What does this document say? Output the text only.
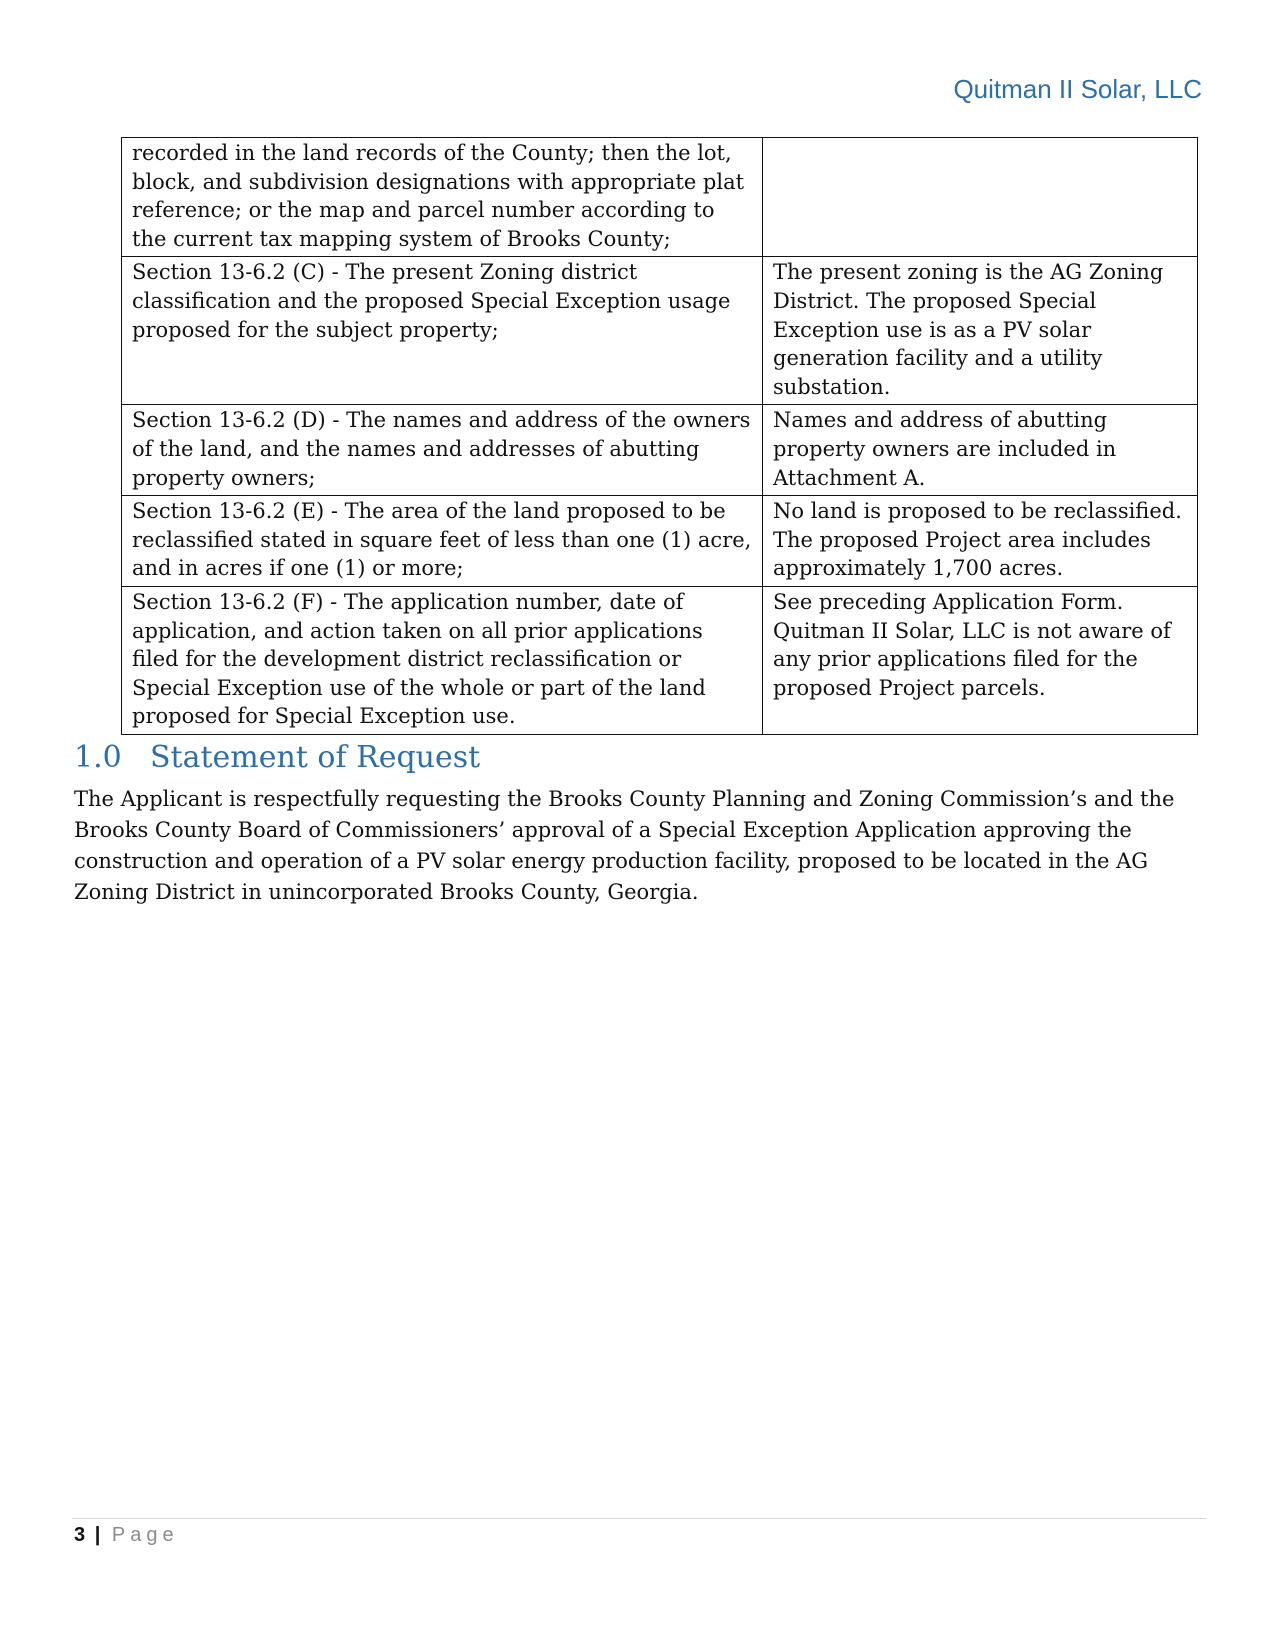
Quitman II Solar, LLC
recorded in the land records of the County; then the lot, block, and subdivision designations with appropriate plat reference; or the map and parcel number according to the current tax mapping system of Brooks County;	
Section 13-6.2 (C) - The present Zoning district classification and the proposed Special Exception usage proposed for the subject property;	The present zoning is the AG Zoning District. The proposed Special Exception use is as a PV solar generation facility and a utility substation.
Section 13-6.2 (D) - The names and address of the owners of the land, and the names and addresses of abutting property owners;	Names and address of abutting property owners are included in Attachment A.
Section 13-6.2 (E) - The area of the land proposed to be reclassified stated in square feet of less than one (1) acre, and in acres if one (1) or more;	No land is proposed to be reclassified. The proposed Project area includes approximately 1,700 acres.
Section 13-6.2 (F) - The application number, date of application, and action taken on all prior applications filed for the development district reclassification or Special Exception use of the whole or part of the land proposed for Special Exception use.	See preceding Application Form. Quitman II Solar, LLC is not aware of any prior applications filed for the proposed Project parcels.
1.0 Statement of Request

The Applicant is respectfully requesting the Brooks County Planning and Zoning Commission’s and the Brooks County Board of Commissioners’ approval of a Special Exception Application approving the construction and operation of a PV solar energy production facility, proposed to be located in the AG Zoning District in unincorporated Brooks County, Georgia.

3 | Page
